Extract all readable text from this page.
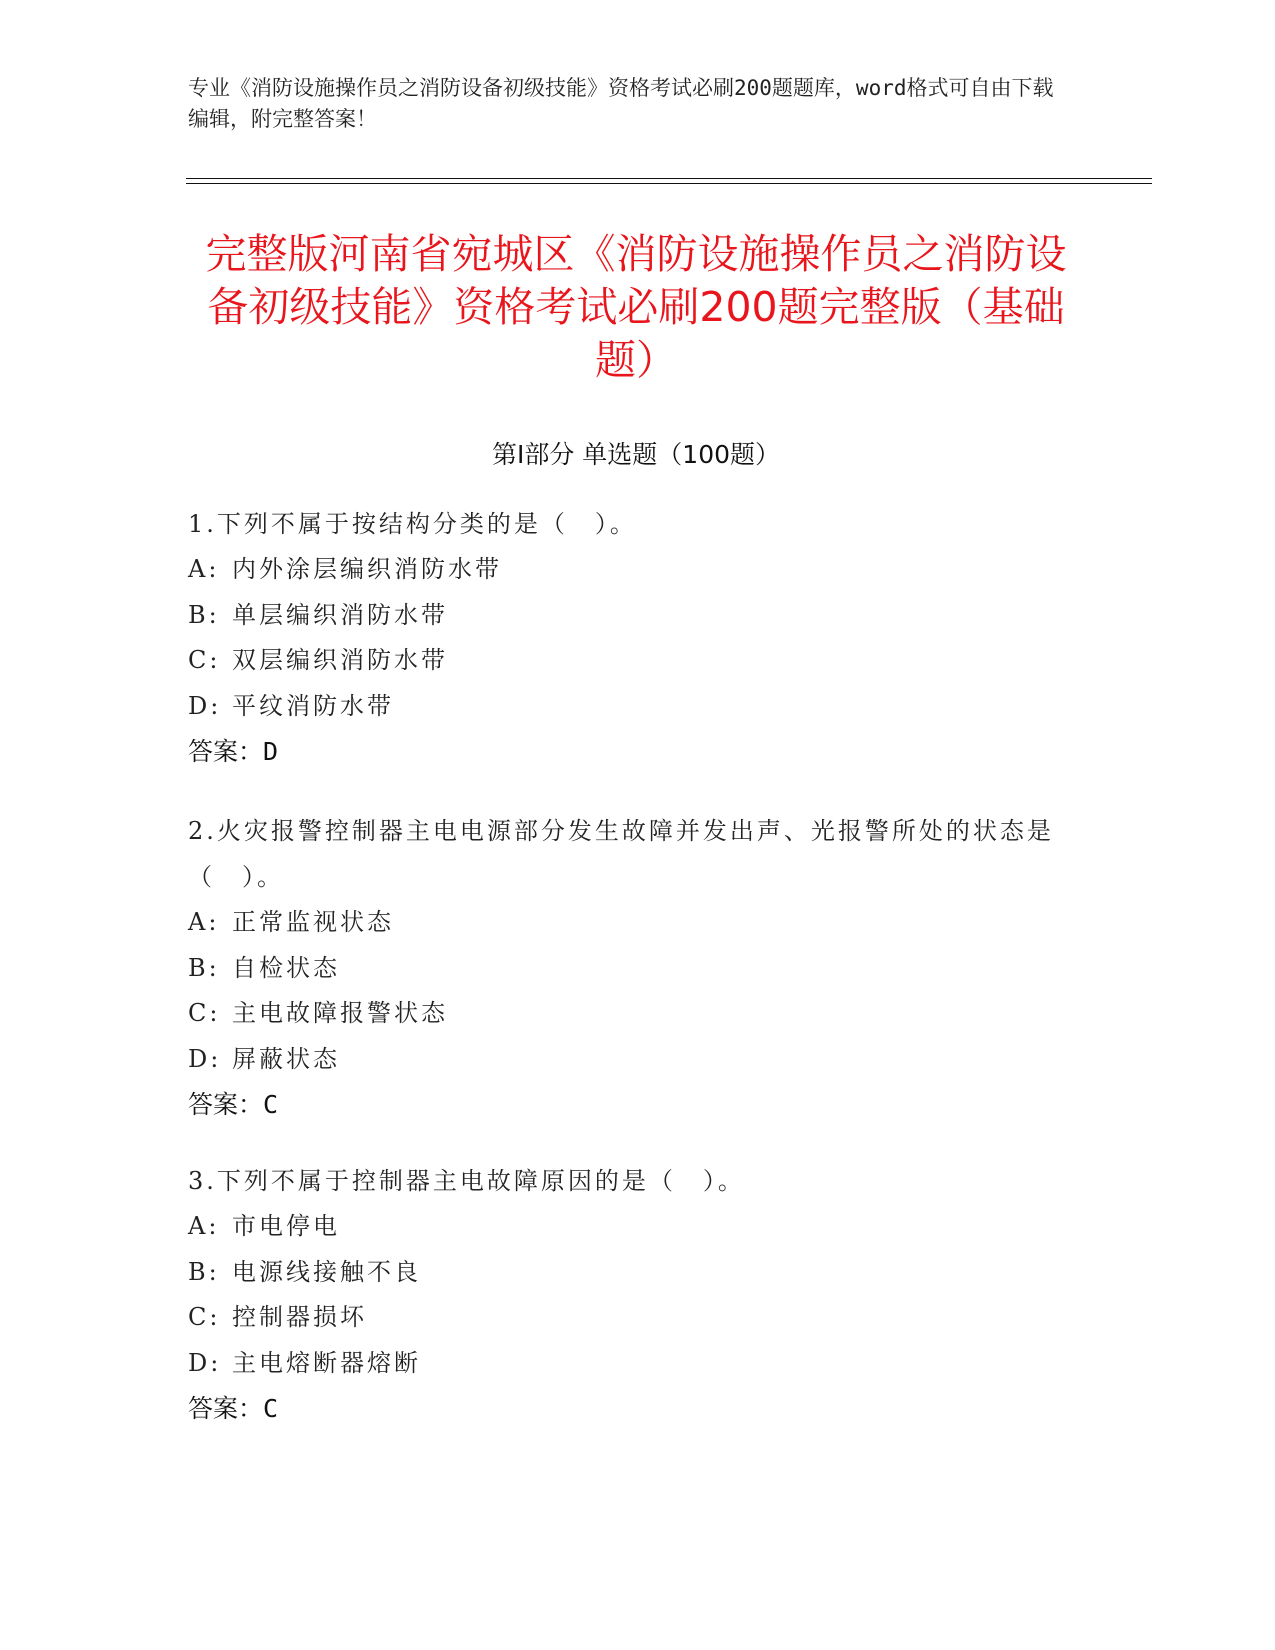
专业《消防设施操作员之消防设备初级技能》资格考试必刷200题题库，word格式可自由下载编辑，附完整答案！
完整版河南省宛城区《消防设施操作员之消防设备初级技能》资格考试必刷200题完整版（基础题）
第I部分 单选题（100题）

1.下列不属于按结构分类的是（　）。

A: 内外涂层编织消防水带
B: 单层编织消防水带
C: 双层编织消防水带
D: 平纹消防水带
答案：D

2.火灾报警控制器主电电源部分发生故障并发出声、光报警所处的状态是（　）。

A: 正常监视状态
B: 自检状态
C: 主电故障报警状态
D: 屏蔽状态
答案：C

3.下列不属于控制器主电故障原因的是（　）。

A: 市电停电
B: 电源线接触不良
C: 控制器损坏
D: 主电熔断器熔断
答案：C
